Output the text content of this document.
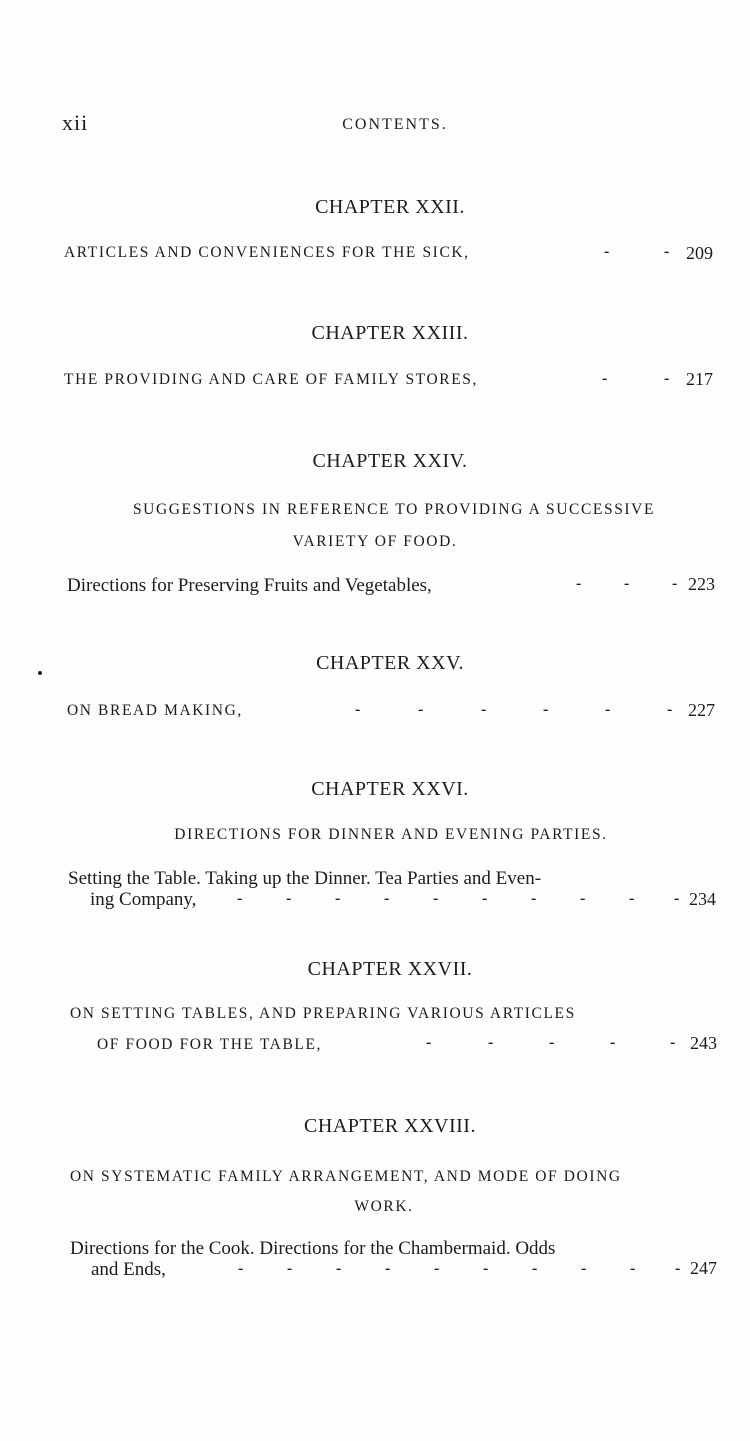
xii	CONTENTS.
CHAPTER XXII.
ARTICLES AND CONVENIENCES FOR THE SICK,	-	- 209
CHAPTER XXIII.
THE PROVIDING AND CARE OF FAMILY STORES,	-	- 217
CHAPTER XXIV.
SUGGESTIONS IN REFERENCE TO PROVIDING A SUCCESSIVE
VARIETY OF FOOD.
Directions for Preserving Fruits and Vegetables,	-	-	- 223
CHAPTER XXV.
ON BREAD MAKING,	-	-	-	-	-	- 227
CHAPTER XXVI.
DIRECTIONS FOR DINNER AND EVENING PARTIES.
Setting the Table. Taking up the Dinner. Tea Parties and Even-
ing Company,	-	-	-	-	-	-	-	-	- - 234
CHAPTER XXVII.
ON SETTING TABLES, AND PREPARING VARIOUS ARTICLES
OF FOOD FOR THE TABLE,	-	-	-	-	- 243
CHAPTER XXVIII.
ON SYSTEMATIC FAMILY ARRANGEMENT, AND MODE OF DOING
WORK.
Directions for the Cook. Directions for the Chambermaid. Odds
and Ends,	-	-	-	-	-	-	-	-	- - 247
